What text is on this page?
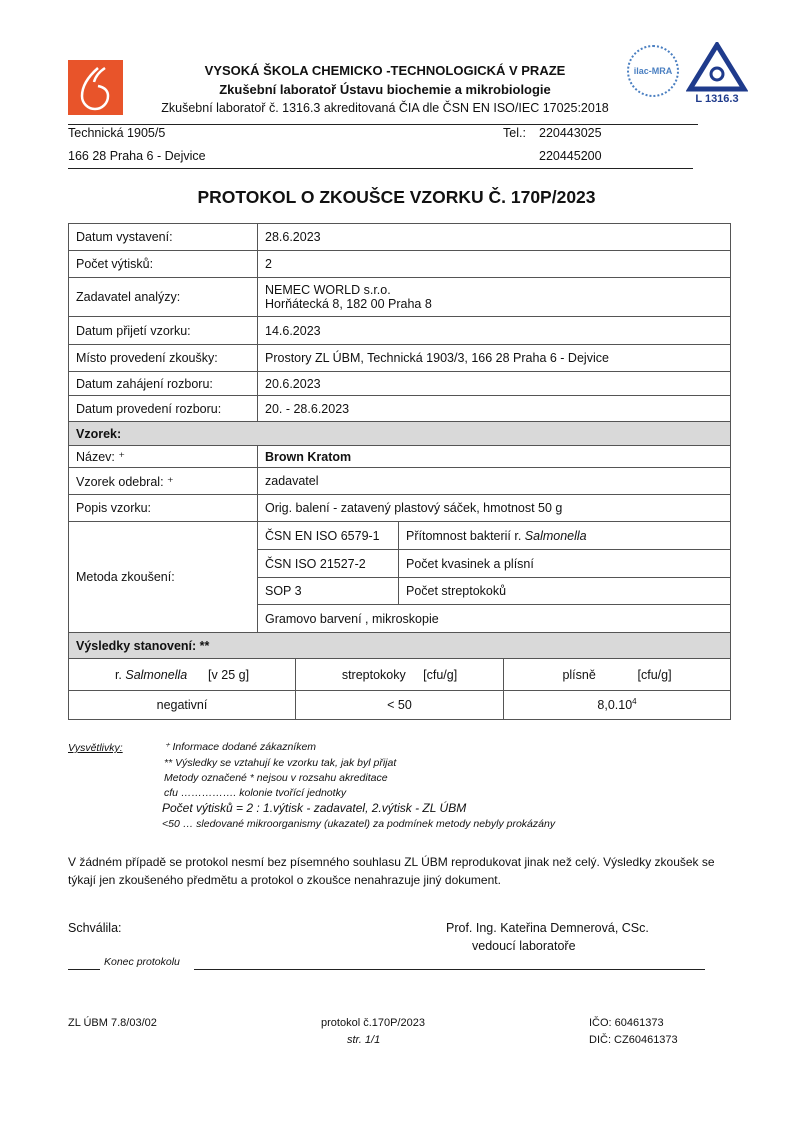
VYSOKÁ ŠKOLA CHEMICKO -TECHNOLOGICKÁ V PRAZE
Zkušební laboratoř Ústavu biochemie a mikrobiologie
Zkušební laboratoř č. 1316.3 akreditovaná ČIA dle ČSN EN ISO/IEC 17025:2018
ilac-MRA
L 1316.3
Technická 1905/5
166 28 Praha 6 - Dejvice
Tel.: 220443025
220445200
PROTOKOL O ZKOUŠCE VZORKU Č. 170P/2023
Datum vystavení:	28.6.2023	
Počet výtisků:	2	
Zadavatel analýzy:	NEMEC WORLD s.r.o.
Horňátecká 8, 182 00 Praha 8	

Datum přijetí vzorku:	14.6.2023	
Místo provedení zkoušky:	Prostory ZL ÚBM, Technická 1903/3, 166 28 Praha 6 - Dejvice	
Datum zahájení rozboru:	20.6.2023	
Datum provedení rozboru:	20. - 28.6.2023	
Vzorek:		
Název: ⁺	Brown Kratom	
Vzorek odebral: ⁺	zadavatel	
Popis vzorku:	Orig. balení - zatavený plastový sáček, hmotnost 50 g	
Metoda zkoušení:	ČSN EN ISO 6579-1	Přítomnost bakterií r. Salmonella
	ČSN ISO 21527-2	Počet kvasinek a plísní
	SOP 3	Počet streptokoků
	Gramovo barvení , mikroskopie	
Výsledky stanovení: **		
r. Salmonella [v 25 g]	streptokoky [cfu/g]	plísně [cfu/g]
negativní	< 50	8,0.10$^4$
Vysvětlivky:	⁺ Informace dodané zákazníkem
** Výsledky se vztahují ke vzorku tak, jak byl přijat
Metody označené * nejsou v rozsahu akreditace
cfu ……………. kolonie tvořící jednotky
Počet výtisků = 2 : 1.výtisk - zadavatel, 2.výtisk - ZL ÚBM
<50 … sledované mikroorganismy (ukazatel) za podmínek metody nebyly prokázány
V žádném případě se protokol nesmí bez písemného souhlasu ZL ÚBM reprodukovat jinak než celý. Výsledky zkoušek se
týkají jen zkoušeného předmětu a protokol o zkoušce nenahrazuje jiný dokument.
Schválila:	Prof. Ing. Kateřina Demnerová, CSc.
vedoucí laboratoře
Konec protokolu
ZL ÚBM 7.8/03/02	protokol č.170P/2023
str. 1/1
IČO: 60461373
DIČ: CZ60461373
